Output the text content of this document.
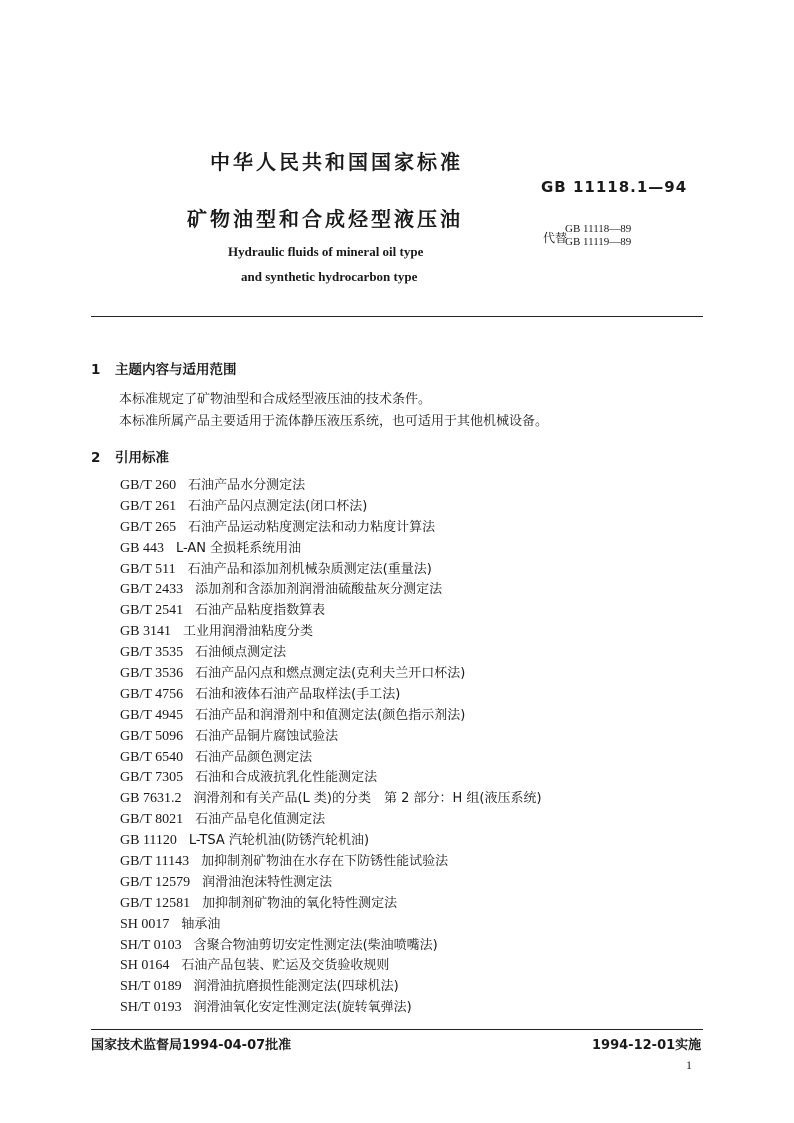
中华人民共和国国家标准
GB 11118.1—94
矿物油型和合成烃型液压油
代替
GB 11118—89
GB 11119—89
Hydraulic fluids of mineral oil type
and synthetic hydrocarbon type
1 主题内容与适用范围
本标准规定了矿物油型和合成烃型液压油的技术条件。
本标准所属产品主要适用于流体静压液压系统，也可适用于其他机械设备。
2 引用标准
GB/T 260 石油产品水分测定法
GB/T 261 石油产品闪点测定法(闭口杯法)
GB/T 265 石油产品运动粘度测定法和动力粘度计算法
GB 443 L-AN 全损耗系统用油
GB/T 511 石油产品和添加剂机械杂质测定法(重量法)
GB/T 2433 添加剂和含添加剂润滑油硫酸盐灰分测定法
GB/T 2541 石油产品粘度指数算表
GB 3141 工业用润滑油粘度分类
GB/T 3535 石油倾点测定法
GB/T 3536 石油产品闪点和燃点测定法(克利夫兰开口杯法)
GB/T 4756 石油和液体石油产品取样法(手工法)
GB/T 4945 石油产品和润滑剂中和值测定法(颜色指示剂法)
GB/T 5096 石油产品铜片腐蚀试验法
GB/T 6540 石油产品颜色测定法
GB/T 7305 石油和合成液抗乳化性能测定法
GB 7631.2 润滑剂和有关产品(L 类)的分类　第 2 部分：H 组(液压系统)
GB/T 8021 石油产品皂化值测定法
GB 11120 L-TSA 汽轮机油(防锈汽轮机油)
GB/T 11143 加抑制剂矿物油在水存在下防锈性能试验法
GB/T 12579 润滑油泡沫特性测定法
GB/T 12581 加抑制剂矿物油的氧化特性测定法
SH 0017 轴承油
SH/T 0103 含聚合物油剪切安定性测定法(柴油喷嘴法)
SH 0164 石油产品包装、贮运及交货验收规则
SH/T 0189 润滑油抗磨损性能测定法(四球机法)
SH/T 0193 润滑油氧化安定性测定法(旋转氧弹法)
国家技术监督局1994-04-07批准	1994-12-01实施
1
